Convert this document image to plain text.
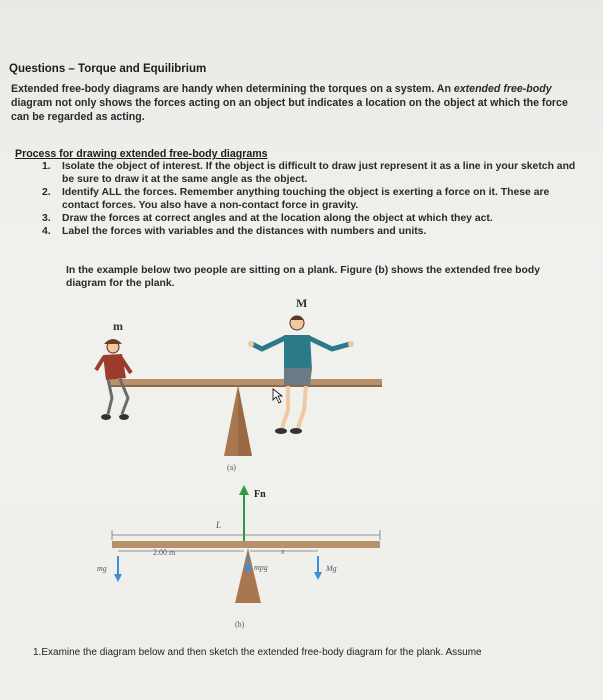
Questions – Torque and Equilibrium
Extended free-body diagrams are handy when determining the torques on a system. An extended free-body diagram not only shows the forces acting on an object but indicates a location on the object at which the force can be regarded as acting.
Process for drawing extended free-body diagrams
1. Isolate the object of interest. If the object is difficult to draw just represent it as a line in your sketch and be sure to draw it at the same angle as the object.
2. Identify ALL the forces. Remember anything touching the object is exerting a force on it. These are contact forces. You also have a non-contact force in gravity.
3. Draw the forces at correct angles and at the location along the object at which they act.
4. Label the forces with variables and the distances with numbers and units.
In the example below two people are sitting on a plank. Figure (b) shows the extended free body diagram for the plank.
m
M
(a)
Fn
L
2.00 m	x
mg	mpg	Mg
(b)
1.Examine the diagram below and then sketch the extended free-body diagram for the plank. Assume
